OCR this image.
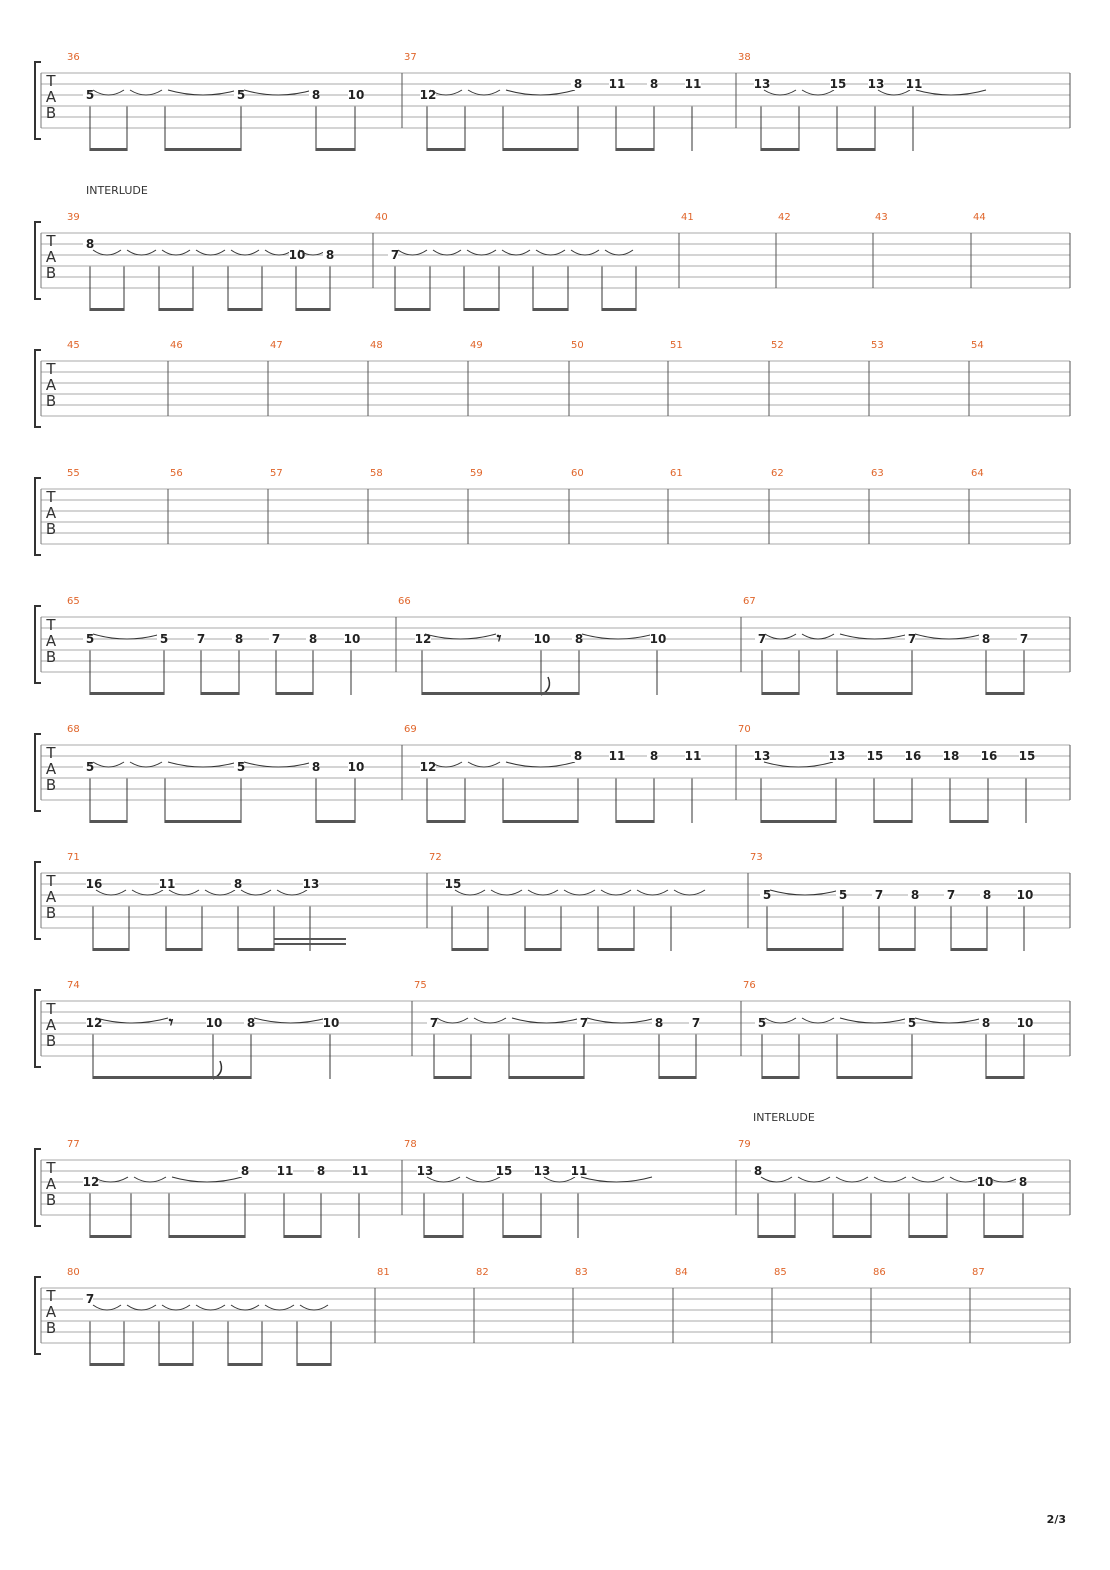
2/3
T
A
B
36
5	5	8 10
37
12
8 11 8 11
38
13	15 13 11
T
A
B
INTERLUDE
39
8
10 8
40
7
41	42	43	44
T
A
B
45	46	47	48	49	50	51	52	53	54
T
A
B
55	56	57	58	59	60	61	62	63	64
T
A
B
65
5	5 7 8 7 8 10
66
12	𝄾	10 8	10
67
7	7	8 7
T
A
B
68
5	5	8 10
69
12
8 11 8 11
70
13	13 15 16 18 16 15
T
A
B
71
16	11	8	13
72
15
73
5	5 7 8 7 8 10
T
A
B
74
12	𝄾	10 8	10
75
7	7	8 7
76
5	5	8 10
T
A
B
INTERLUDE
77
12
8 11 8 11
78
13	15 13 11
79
8
10 8
T
A
B
80
7
81	82	83	84	85	86	87
